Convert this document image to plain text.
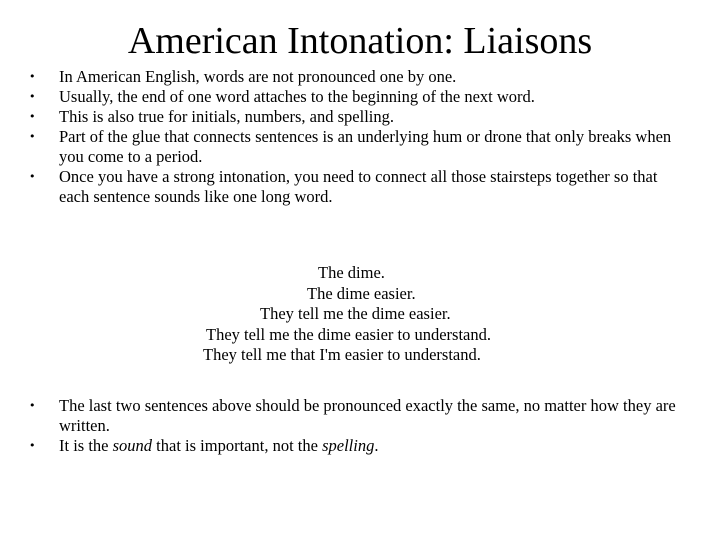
American Intonation: Liaisons
• In American English, words are not pronounced one by one.
• Usually, the end of one word attaches to the beginning of the next word.
• This is also true for initials, numbers, and spelling.
• Part of the glue that connects sentences is an underlying hum or drone that only breaks when you come to a period.
• Once you have a strong intonation, you need to connect all those stairsteps together so that each sentence sounds like one long word.
The dime.
The dime easier.
They tell me the dime easier.
They tell me the dime easier to understand.
They tell me that I'm easier to understand.
• The last two sentences above should be pronounced exactly the same, no matter how they are written.
• It is the sound that is important, not the spelling.
